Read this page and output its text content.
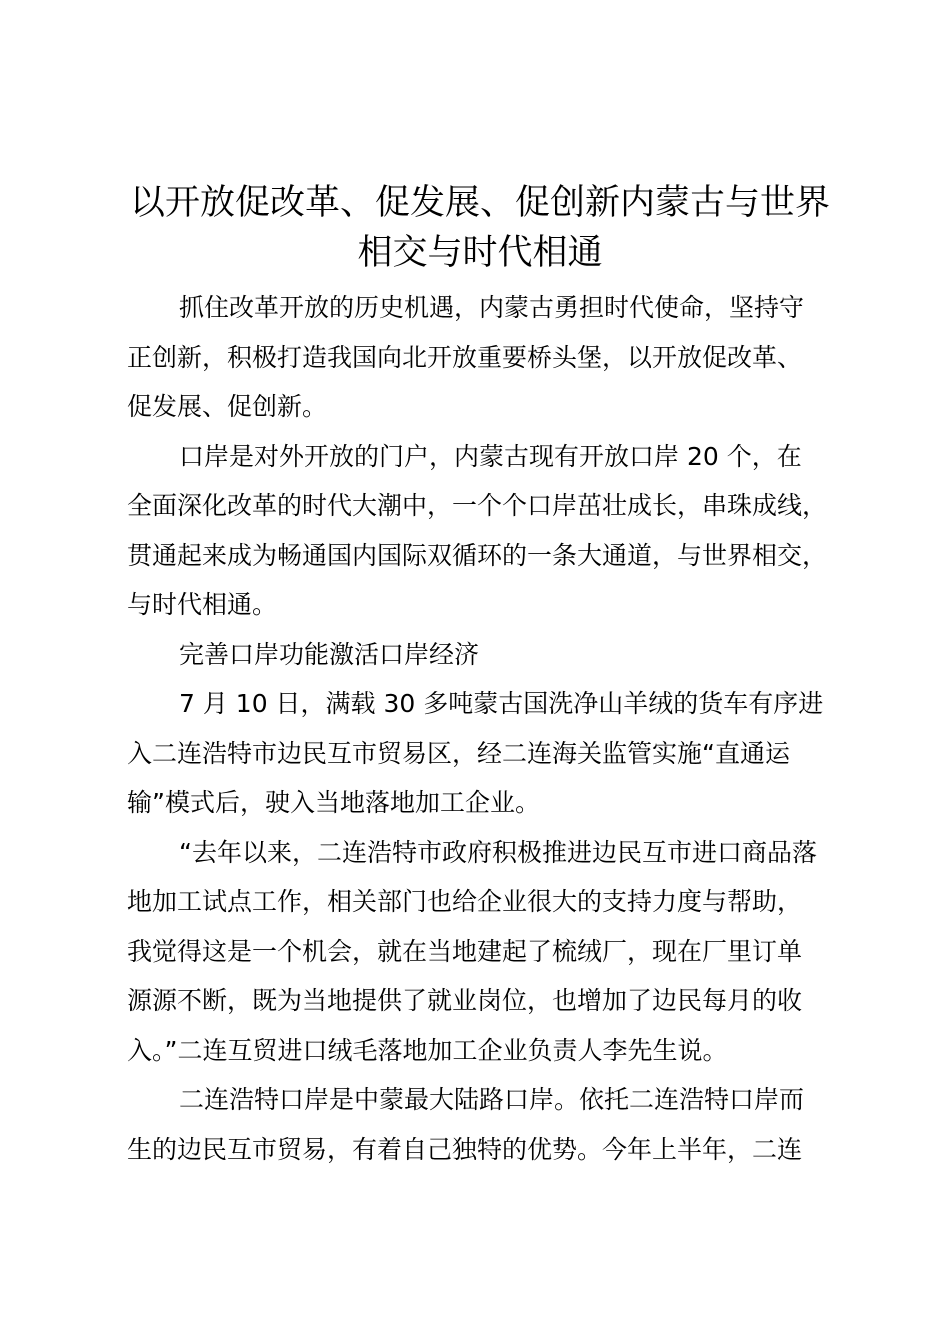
以开放促改革、促发展、促创新内蒙古与世界
相交与时代相通
抓住改革开放的历史机遇，内蒙古勇担时代使命，坚持守
正创新，积极打造我国向北开放重要桥头堡，以开放促改革、
促发展、促创新。
口岸是对外开放的门户，内蒙古现有开放口岸 20 个，在
全面深化改革的时代大潮中，一个个口岸茁壮成长，串珠成线，
贯通起来成为畅通国内国际双循环的一条大通道，与世界相交，
与时代相通。
完善口岸功能激活口岸经济
7 月 10 日，满载 30 多吨蒙古国洗净山羊绒的货车有序进
入二连浩特市边民互市贸易区，经二连海关监管实施“直通运
输”模式后，驶入当地落地加工企业。
“去年以来，二连浩特市政府积极推进边民互市进口商品落
地加工试点工作，相关部门也给企业很大的支持力度与帮助，
我觉得这是一个机会，就在当地建起了梳绒厂，现在厂里订单
源源不断，既为当地提供了就业岗位，也增加了边民每月的收
入。”二连互贸进口绒毛落地加工企业负责人李先生说。
二连浩特口岸是中蒙最大陆路口岸。依托二连浩特口岸而
生的边民互市贸易，有着自己独特的优势。今年上半年，二连
